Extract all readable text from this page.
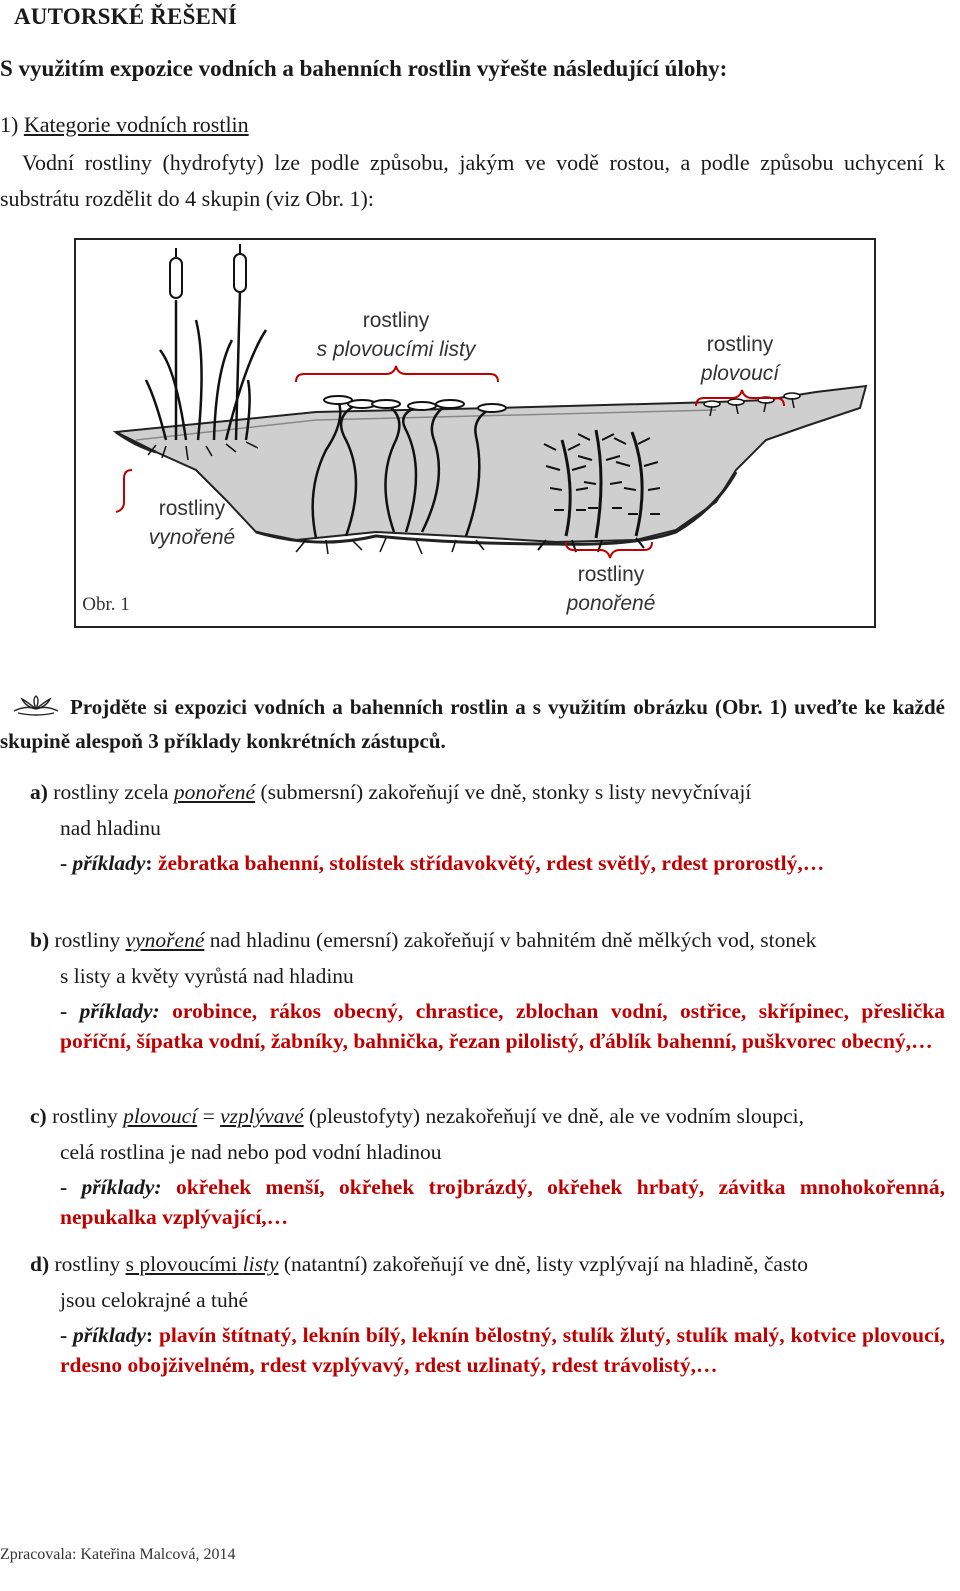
AUTORSKÉ ŘEŠENÍ
S využitím expozice vodních a bahenních rostlin vyřešte následující úlohy:
1) Kategorie vodních rostlin
Vodní rostliny (hydrofyty) lze podle způsobu, jakým ve vodě rostou, a podle způsobu uchycení k substrátu rozdělit do 4 skupin (viz Obr. 1):
rostliny
s plovoucími listy	rostliny
plovoucí
rostliny
vynořené
rostliny
ponořené
Obr. 1
Projděte si expozici vodních a bahenních rostlin a s využitím obrázku (Obr. 1) uveďte ke každé skupině alespoň 3 příklady konkrétních zástupců.
a) rostliny zcela ponořené (submersní) zakořeňují ve dně, stonky s listy nevyčnívají
nad hladinu
- příklady: žebratka bahenní, stolístek střídavokvětý, rdest světlý, rdest prorostlý,…
b) rostliny vynořené nad hladinu (emersní) zakořeňují v bahnitém dně mělkých vod, stonek
s listy a květy vyrůstá nad hladinu
- příklady: orobince, rákos obecný, chrastice, zblochan vodní, ostřice, skřípinec, přeslička poříční, šípatka vodní, žabníky, bahnička, řezan pilolistý, ďáblík bahenní, puškvorec obecný,…
c) rostliny plovoucí = vzplývavé (pleustofyty) nezakořeňují ve dně, ale ve vodním sloupci,
celá rostlina je nad nebo pod vodní hladinou
- příklady: okřehek menší, okřehek trojbrázdý, okřehek hrbatý, závitka mnohokořenná, nepukalka vzplývající,…
d) rostliny s plovoucími listy (natantní) zakořeňují ve dně, listy vzplývají na hladině, často
jsou celokrajné a tuhé
- příklady: plavín štítnatý, leknín bílý, leknín bělostný, stulík žlutý, stulík malý, kotvice plovoucí, rdesno obojživelném, rdest vzplývavý, rdest uzlinatý, rdest trávolistý,…
Zpracovala: Kateřina Malcová, 2014
